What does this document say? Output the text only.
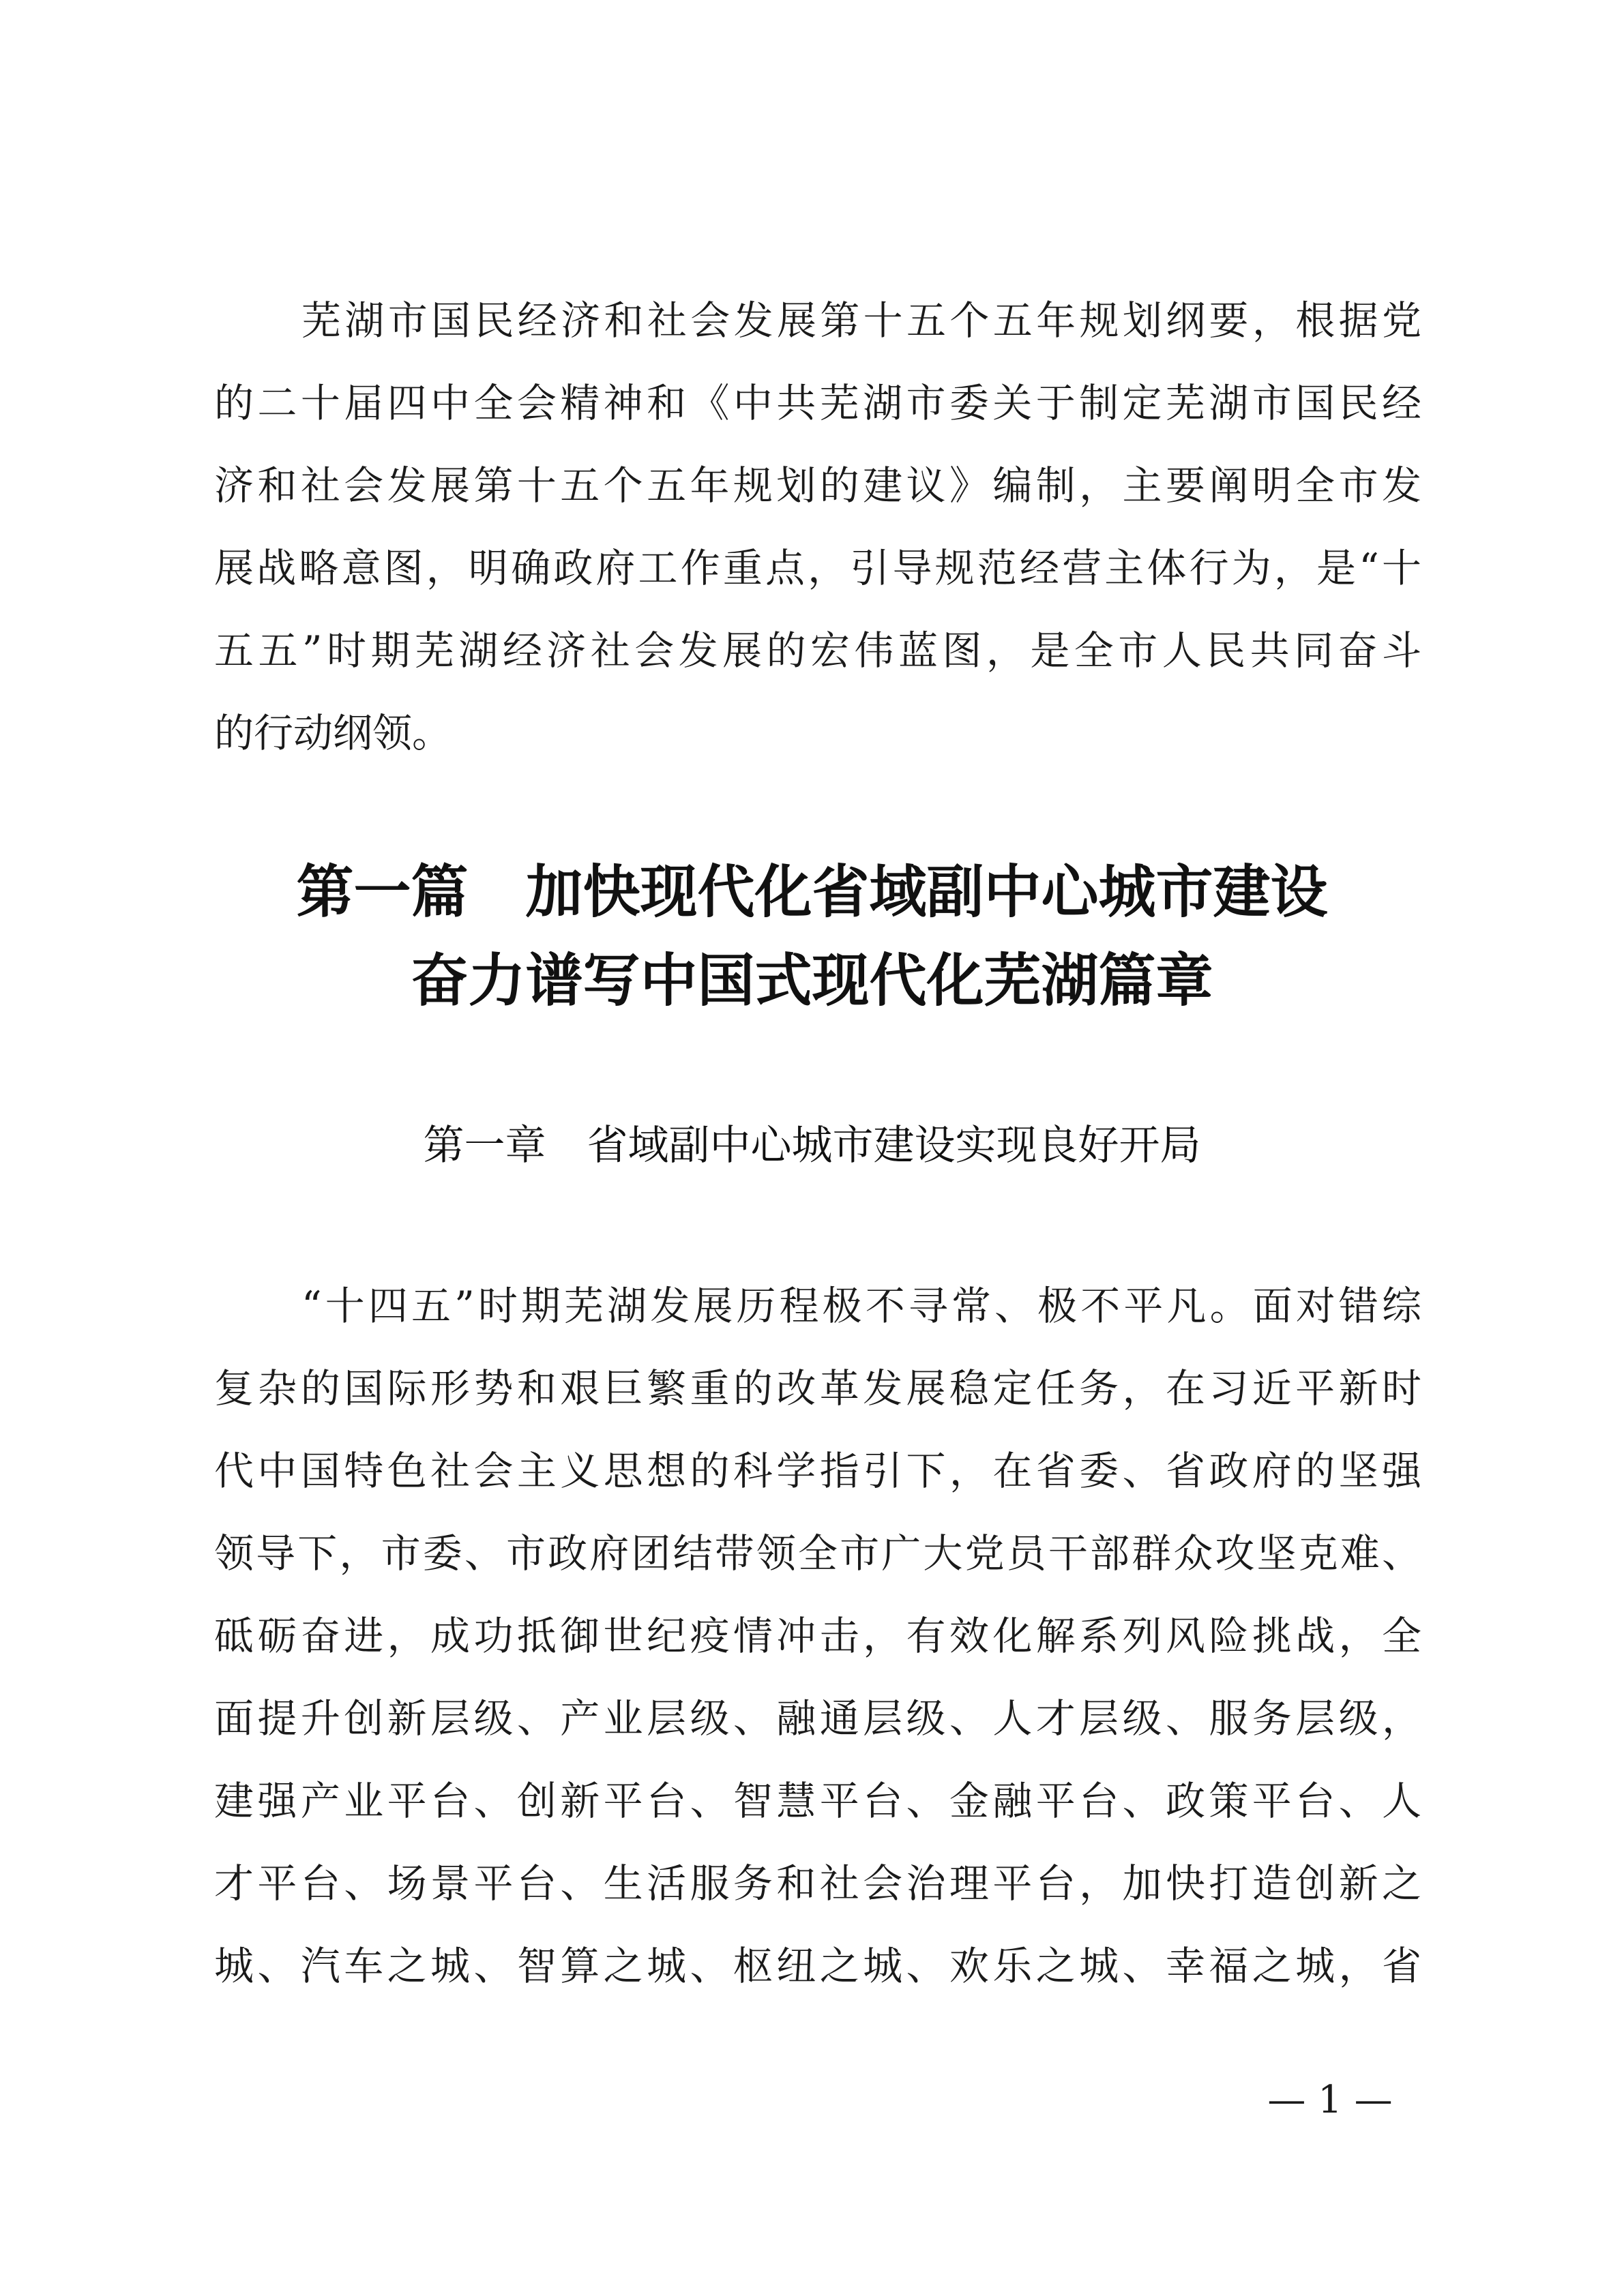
芜湖市国民经济和社会发展第十五个五年规划纲要，根据党
的二十届四中全会精神和《中共芜湖市委关于制定芜湖市国民经
济和社会发展第十五个五年规划的建议》编制，主要阐明全市发
展战略意图，明确政府工作重点，引导规范经营主体行为，是“十
五五”时期芜湖经济社会发展的宏伟蓝图，是全市人民共同奋斗
的行动纲领。
第一篇　加快现代化省域副中心城市建设
奋力谱写中国式现代化芜湖篇章
第一章　省域副中心城市建设实现良好开局
“十四五”时期芜湖发展历程极不寻常、极不平凡。面对错综
复杂的国际形势和艰巨繁重的改革发展稳定任务，在习近平新时
代中国特色社会主义思想的科学指引下，在省委、省政府的坚强
领导下，市委、市政府团结带领全市广大党员干部群众攻坚克难、
砥砺奋进，成功抵御世纪疫情冲击，有效化解系列风险挑战，全
面提升创新层级、产业层级、融通层级、人才层级、服务层级，
建强产业平台、创新平台、智慧平台、金融平台、政策平台、人
才平台、场景平台、生活服务和社会治理平台，加快打造创新之
城、汽车之城、智算之城、枢纽之城、欢乐之城、幸福之城，省
— 1 —
